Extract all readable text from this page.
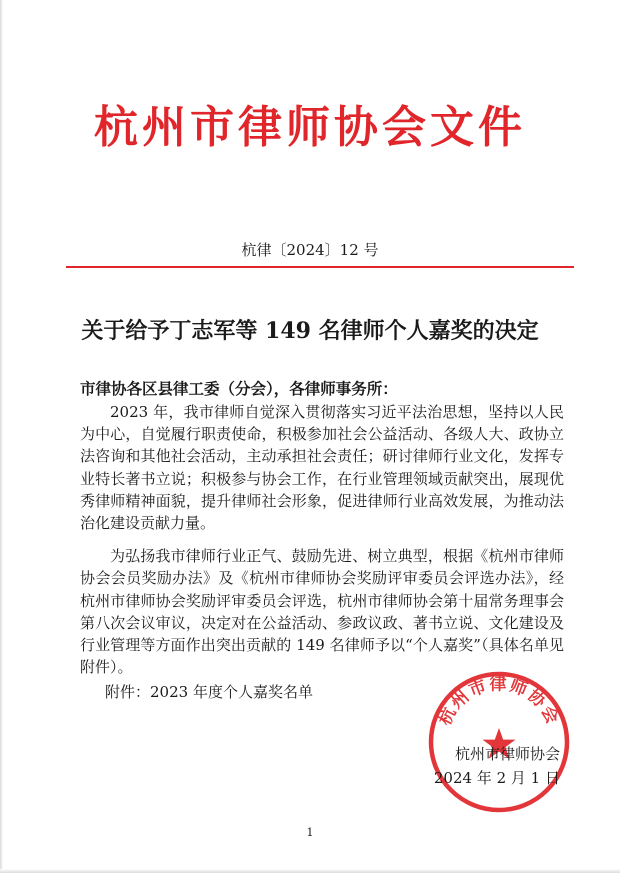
杭州市律师协会文件
杭律〔2024〕12 号
关于给予丁志军等 149 名律师个人嘉奖的决定
市律协各区县律工委（分会），各律师事务所：

2023 年，我市律师自觉深入贯彻落实习近平法治思想，坚持以人民为中心，自觉履行职责使命，积极参加社会公益活动、各级人大、政协立法咨询和其他社会活动，主动承担社会责任；研讨律师行业文化，发挥专业特长著书立说；积极参与协会工作，在行业管理领域贡献突出，展现优秀律师精神面貌，提升律师社会形象，促进律师行业高效发展，为推动法治化建设贡献力量。

为弘扬我市律师行业正气、鼓励先进、树立典型，根据《杭州市律师协会会员奖励办法》及《杭州市律师协会奖励评审委员会评选办法》，经杭州市律师协会奖励评审委员会评选，杭州市律师协会第十届常务理事会第八次会议审议，决定对在公益活动、参政议政、著书立说、文化建设及行业管理等方面作出突出贡献的 149 名律师予以“个人嘉奖”（具体名单见附件）。

附件：2023 年度个人嘉奖名单
杭州市律师协会
杭州市律师协会
2024 年 2 月 1 日
1
